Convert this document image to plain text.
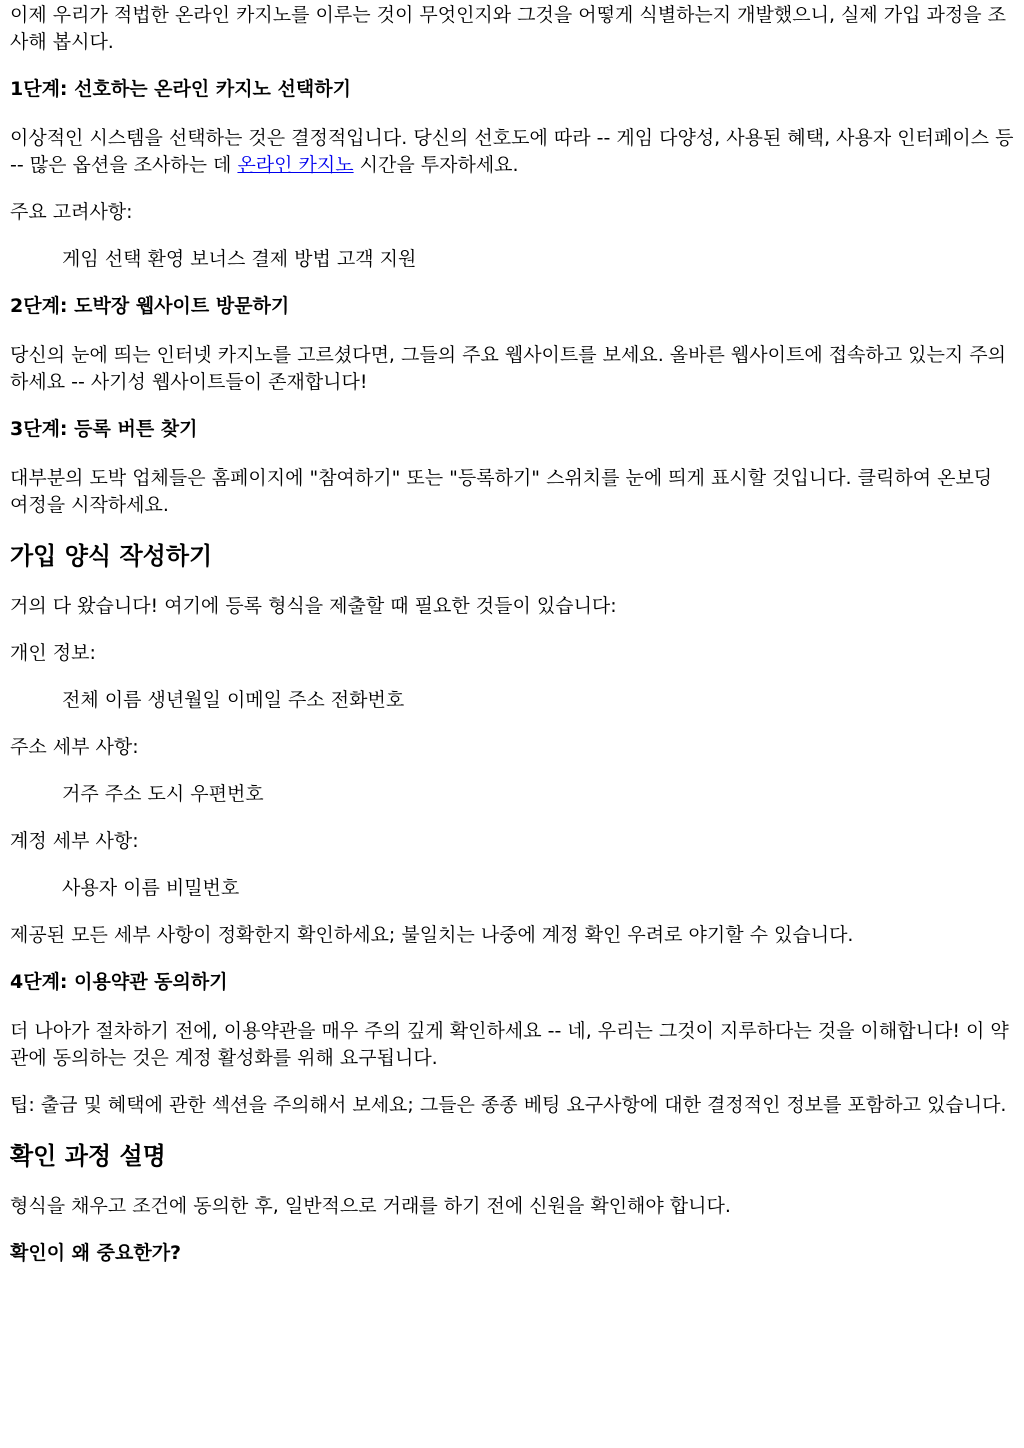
이제 우리가 적법한 온라인 카지노를 이루는 것이 무엇인지와 그것을 어떻게 식별하는지 개발했으니, 실제 가입 과정을 조사해 봅시다.

1단계: 선호하는 온라인 카지노 선택하기

이상적인 시스템을 선택하는 것은 결정적입니다. 당신의 선호도에 따라 -- 게임 다양성, 사용된 혜택, 사용자 인터페이스 등 -- 많은 옵션을 조사하는 데 온라인 카지노 시간을 투자하세요.

주요 고려사항:

게임 선택 환영 보너스 결제 방법 고객 지원
2단계: 도박장 웹사이트 방문하기

당신의 눈에 띄는 인터넷 카지노를 고르셨다면, 그들의 주요 웹사이트를 보세요. 올바른 웹사이트에 접속하고 있는지 주의하세요 -- 사기성 웹사이트들이 존재합니다!

3단계: 등록 버튼 찾기

대부분의 도박 업체들은 홈페이지에 "참여하기" 또는 "등록하기" 스위치를 눈에 띄게 표시할 것입니다. 클릭하여 온보딩 여정을 시작하세요.

가입 양식 작성하기

거의 다 왔습니다! 여기에 등록 형식을 제출할 때 필요한 것들이 있습니다:

개인 정보:

전체 이름 생년월일 이메일 주소 전화번호

주소 세부 사항:

거주 주소 도시 우편번호

계정 세부 사항:

사용자 이름 비밀번호

제공된 모든 세부 사항이 정확한지 확인하세요; 불일치는 나중에 계정 확인 우려로 야기할 수 있습니다.

4단계: 이용약관 동의하기

더 나아가 절차하기 전에, 이용약관을 매우 주의 깊게 확인하세요 -- 네, 우리는 그것이 지루하다는 것을 이해합니다! 이 약관에 동의하는 것은 계정 활성화를 위해 요구됩니다.

팁: 출금 및 혜택에 관한 섹션을 주의해서 보세요; 그들은 종종 베팅 요구사항에 대한 결정적인 정보를 포함하고 있습니다.

확인 과정 설명

형식을 채우고 조건에 동의한 후, 일반적으로 거래를 하기 전에 신원을 확인해야 합니다.

확인이 왜 중요한가?
